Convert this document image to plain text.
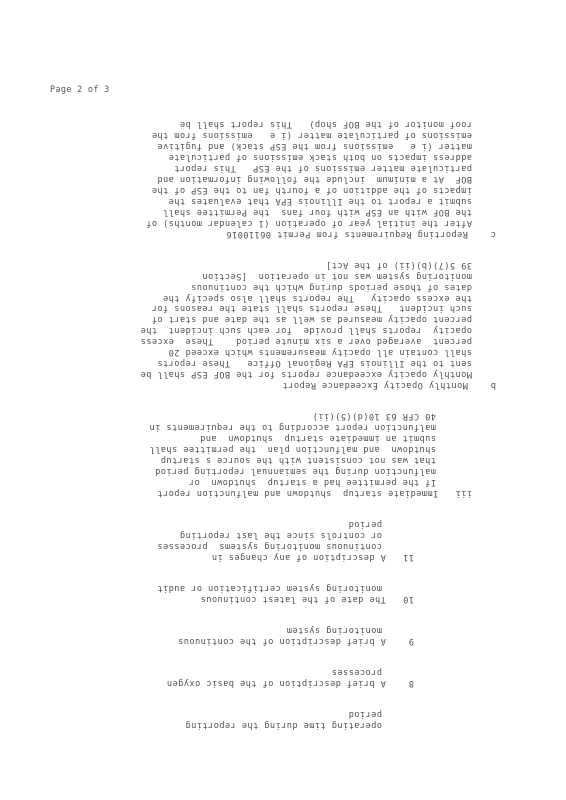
Page 2 of 3
operating time during the reporting
period
8    A brief description of the basic oxygen
processes
9    A brief description of the continuous
monitoring system
10   The date of the latest continuous
monitoring system certification or audit
11   A description of any changes in
continuous monitoring systems  processes
or controls since the last reporting
period
iii   Immediate startup  shutdown and malfunction report
If the permittee had a startup  shutdown  or
malfunction during the semiannual reporting period
that was not consistent with the source s startup
shutdown  and malfunction plan  the permittee shall
submit an immediate startup  shutdown  and
malfunction report according to the requirements in
40 CFR 63 10(d)(5)(ii)
b    Monthly Opacity Exceedance Report
Monthly opacity exceedance reports for the BOF ESP shall be
sent to the Illinois EPA Regional Office   These reports
shall contain all opacity measurements which exceed 20
percent  averaged over a six minute period    These  excess
opacity  reports shall provide  for each such incident  the
percent opacity measured as well as the date and start of
such incident   These reports shall state the reasons for
the excess opacity   The reports shall also specify the
dates of those periods during which the continuous
monitoring system was not in operation  [Section
39 5(7)(b)(ii) of the Act]
c    Reporting Requirements from Permit 06110016
After the initial year of operation (1 calendar months) of
the BOF with an ESP with four fans  the Permittee shall
submit a report to the Illinois EPA that evaluates the
impacts of the addition of a fourth fan to the ESP of the
BOF  At a minimum  include the following information and
particulate matter emissions of the ESP   This report
address impacts on both stack emissions of particulate
matter (i e   emissions from the ESP stack) and fugitive
emissions of particulate matter (i e   emissions from the
roof monitor of the BOF shop)   This report shall be
